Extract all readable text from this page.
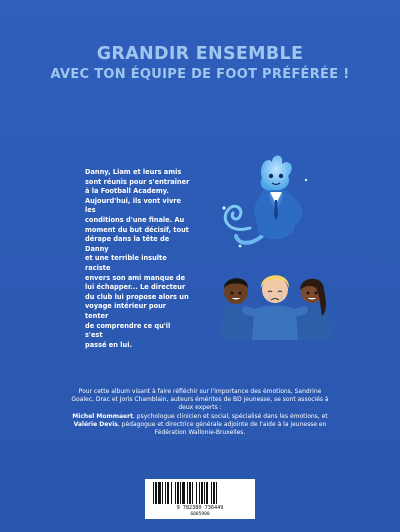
GRANDIR ENSEMBLE
AVEC TON ÉQUIPE DE FOOT PRÉFÉRÉE !
Danny, Liam et leurs amis
sont réunis pour s'entraîner
à la Football Academy.
Aujourd'hui, ils vont vivre les
conditions d'une finale. Au
moment du but décisif, tout
dérape dans la tête de Danny
et une terrible insulte raciste
envers son ami manque de
lui échapper... Le directeur
du club lui propose alors un
voyage intérieur pour tenter
de comprendre ce qu'il s'est
passé en lui.
Pour cette album visant à faire réfléchir sur l'importance des émotions, Sandrine Goalec, Drac et Joris Chamblain, auteurs émérites de BD jeunesse, se sont associés à deux experts :
Michel Mommaert, psychologue clinicien et social, spécialisé dans les émotions, et Valérie Devis, pédagogue et directrice générale adjointe de l'aide à la jeunesse en Fédération Wallonie-Bruxelles.
9 782380 736449
6085900
